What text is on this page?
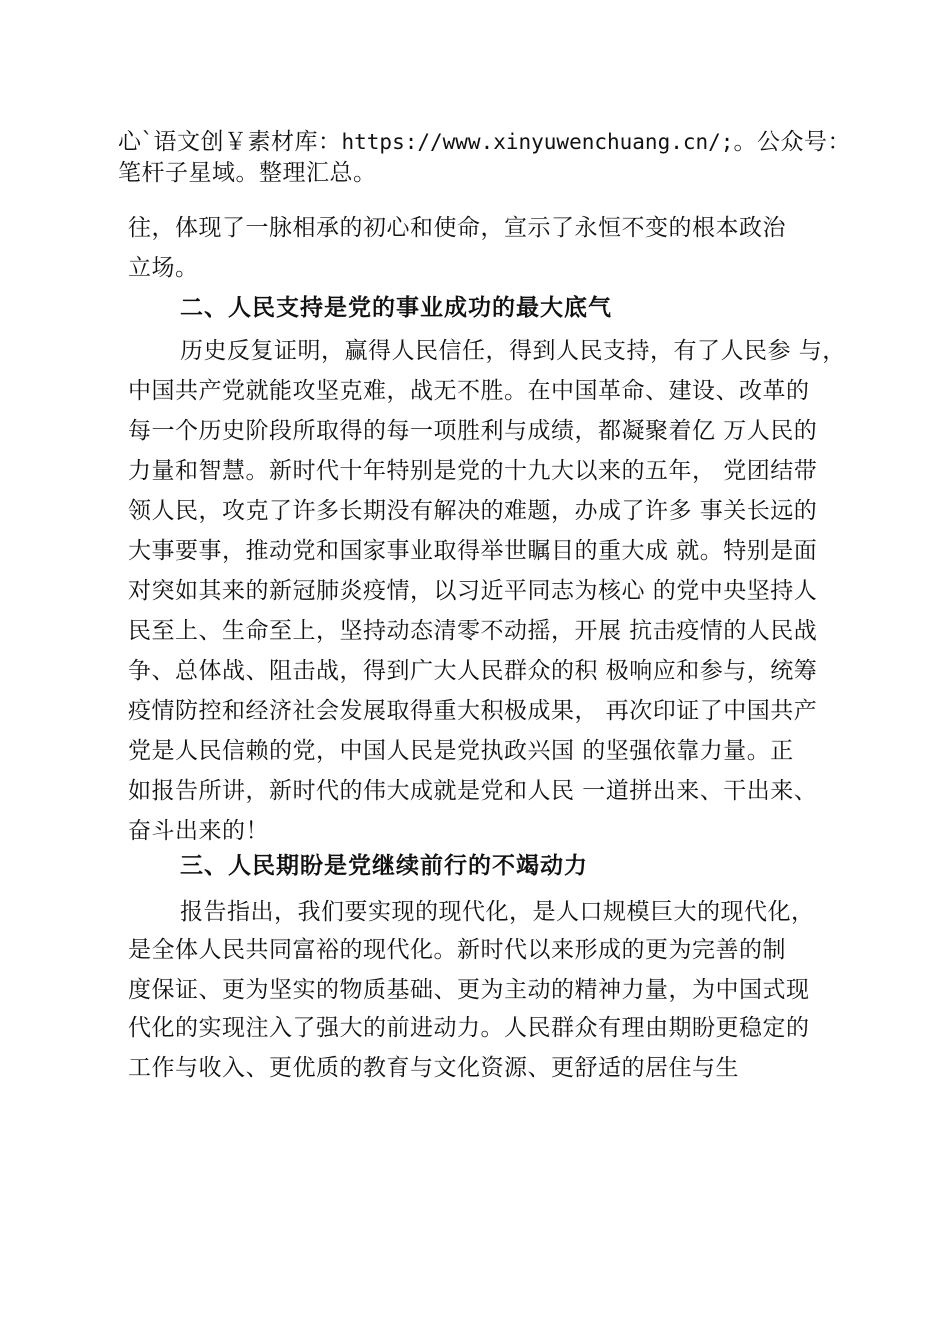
心`语文创￥素材库：https://www.xinyuwenchuang.cn/;。公众号：
笔杆子星域。整理汇总。
往，体现了一脉相承的初心和使命，宣示了永恒不变的根本政治
立场。
二、人民支持是党的事业成功的最大底气
历史反复证明，赢得人民信任，得到人民支持，有了人民参 与，
中国共产党就能攻坚克难，战无不胜。在中国革命、建设、改革的
每一个历史阶段所取得的每一项胜利与成绩，都凝聚着亿 万人民的
力量和智慧。新时代十年特别是党的十九大以来的五年， 党团结带
领人民，攻克了许多长期没有解决的难题，办成了许多 事关长远的
大事要事，推动党和国家事业取得举世瞩目的重大成 就。特别是面
对突如其来的新冠肺炎疫情，以习近平同志为核心 的党中央坚持人
民至上、生命至上，坚持动态清零不动摇，开展 抗击疫情的人民战
争、总体战、阻击战，得到广大人民群众的积 极响应和参与，统筹
疫情防控和经济社会发展取得重大积极成果， 再次印证了中国共产
党是人民信赖的党，中国人民是党执政兴国 的坚强依靠力量。正
如报告所讲，新时代的伟大成就是党和人民 一道拼出来、干出来、
奋斗出来的！
三、人民期盼是党继续前行的不竭动力
报告指出，我们要实现的现代化，是人口规模巨大的现代化，
是全体人民共同富裕的现代化。新时代以来形成的更为完善的制
度保证、更为坚实的物质基础、更为主动的精神力量，为中国式现
代化的实现注入了强大的前进动力。人民群众有理由期盼更稳定的
工作与收入、更优质的教育与文化资源、更舒适的居住与生
